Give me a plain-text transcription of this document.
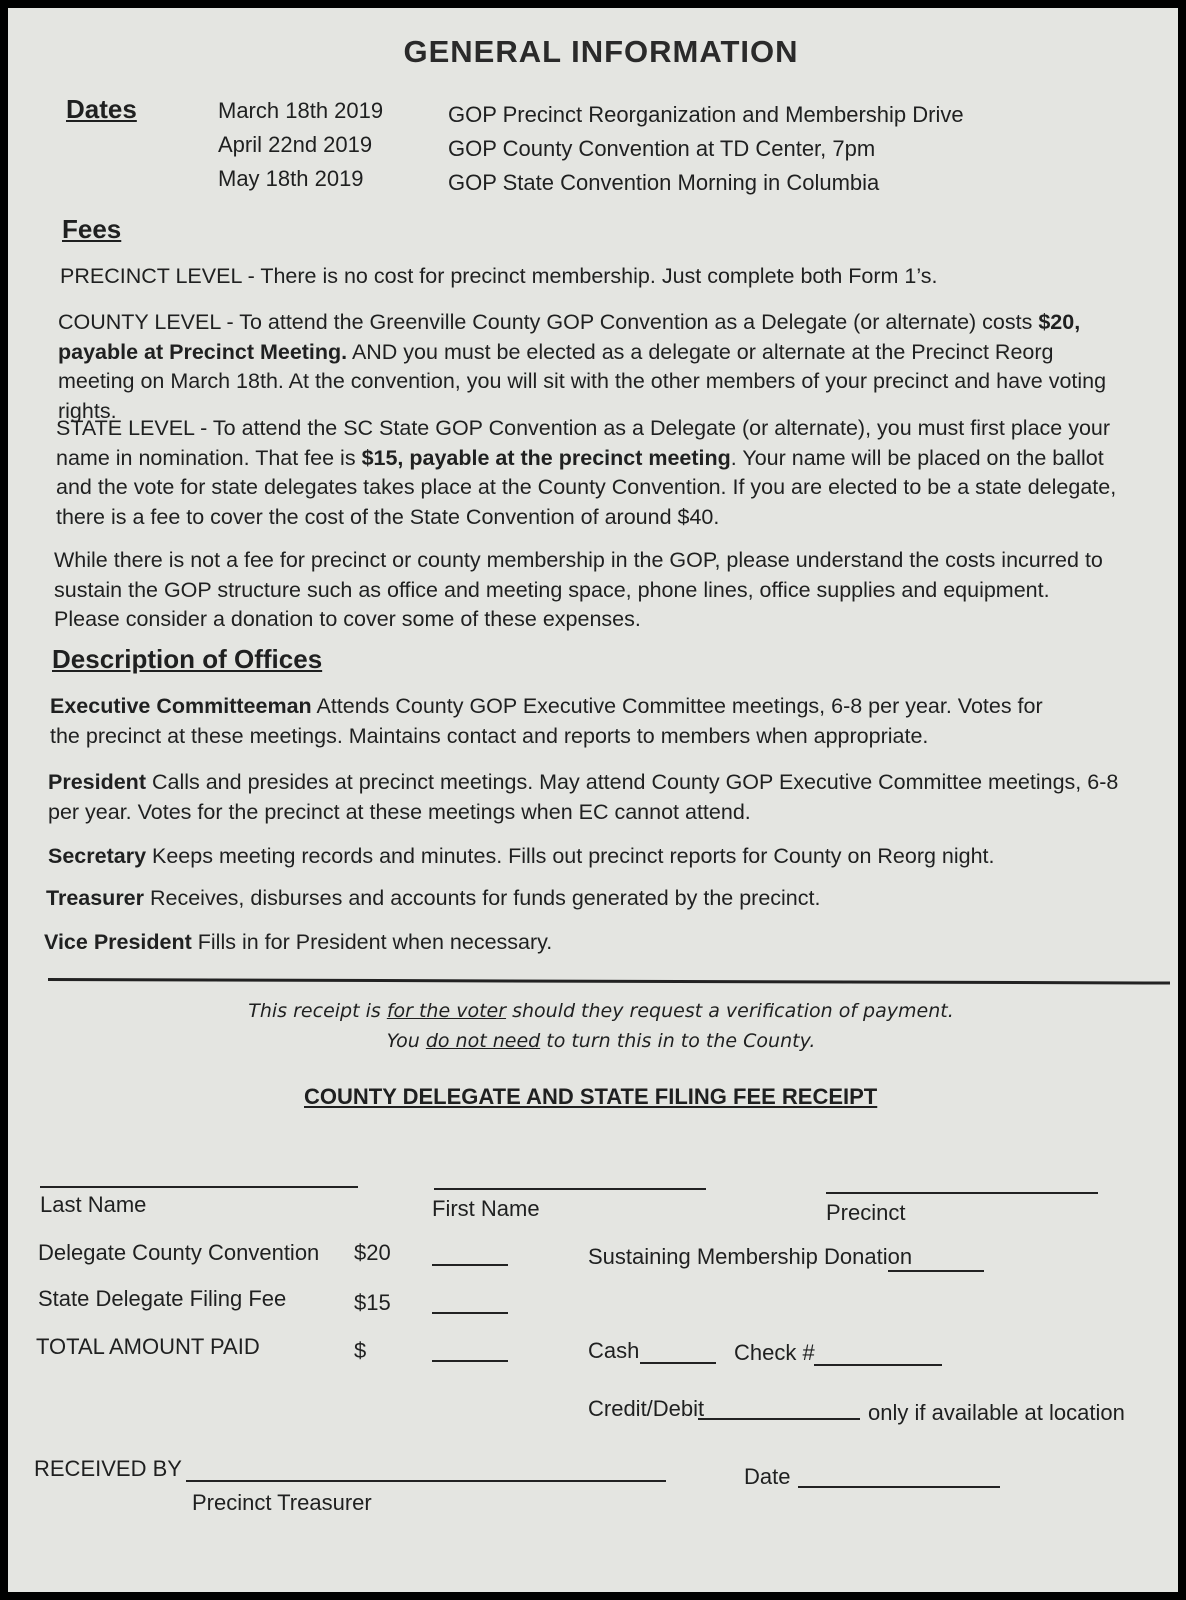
GENERAL INFORMATION
Dates	March 18th 2019	GOP Precinct Reorganization and Membership Drive
April 22nd 2019	GOP County Convention at TD Center, 7pm
May 18th 2019	GOP State Convention Morning in Columbia
Fees

PRECINCT LEVEL - There is no cost for precinct membership. Just complete both Form 1’s.

COUNTY LEVEL - To attend the Greenville County GOP Convention as a Delegate (or alternate) costs $20, payable at Precinct Meeting. AND you must be elected as a delegate or alternate at the Precinct Reorg meeting on March 18th. At the convention, you will sit with the other members of your precinct and have voting rights.

STATE LEVEL - To attend the SC State GOP Convention as a Delegate (or alternate), you must first place your name in nomination. That fee is $15, payable at the precinct meeting. Your name will be placed on the ballot and the vote for state delegates takes place at the County Convention. If you are elected to be a state delegate, there is a fee to cover the cost of the State Convention of around $40.

While there is not a fee for precinct or county membership in the GOP, please understand the costs incurred to sustain the GOP structure such as office and meeting space, phone lines, office supplies and equipment. Please consider a donation to cover some of these expenses.

Description of Offices

Executive Committeeman Attends County GOP Executive Committee meetings, 6-8 per year. Votes for the precinct at these meetings. Maintains contact and reports to members when appropriate.

President Calls and presides at precinct meetings. May attend County GOP Executive Committee meetings, 6-8 per year. Votes for the precinct at these meetings when EC cannot attend.

Secretary Keeps meeting records and minutes. Fills out precinct reports for County on Reorg night.

Treasurer Receives, disburses and accounts for funds generated by the precinct.

Vice President Fills in for President when necessary.

This receipt is for the voter should they request a verification of payment.
You do not need to turn this in to the County.
COUNTY DELEGATE AND STATE FILING FEE RECEIPT
Last Name	First Name	Precinct
Delegate County Convention $20	Sustaining Membership Donation
State Delegate Filing Fee	$15
TOTAL AMOUNT PAID	$	Cash	Check #
Credit/Debit	only if available at location
RECEIVED BY
Precinct Treasurer
Date
